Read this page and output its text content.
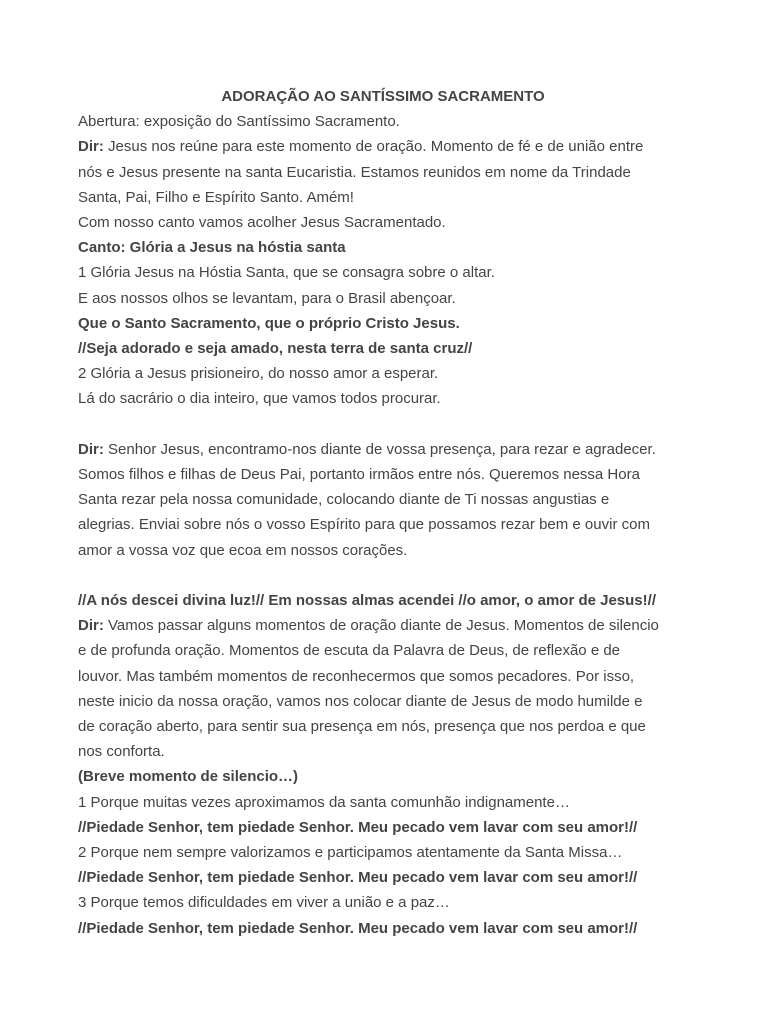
ADORAÇÃO AO SANTÍSSIMO SACRAMENTO
Abertura: exposição do Santíssimo Sacramento.
Dir: Jesus nos reúne para este momento de oração. Momento de fé e de união entre
nós e Jesus presente na santa Eucaristia. Estamos reunidos em nome da Trindade
Santa, Pai, Filho e Espírito Santo. Amém!
Com nosso canto vamos acolher Jesus Sacramentado.
Canto: Glória a Jesus na hóstia santa
1 Glória Jesus na Hóstia Santa, que se consagra sobre o altar.
E aos nossos olhos se levantam, para o Brasil abençoar.
Que o Santo Sacramento, que o próprio Cristo Jesus.
//Seja adorado e seja amado, nesta terra de santa cruz//
2 Glória a Jesus prisioneiro, do nosso amor a esperar.
Lá do sacrário o dia inteiro, que vamos todos procurar.
Dir: Senhor Jesus, encontramo-nos diante de vossa presença, para rezar e agradecer.
Somos filhos e filhas de Deus Pai, portanto irmãos entre nós. Queremos nessa Hora
Santa rezar pela nossa comunidade, colocando diante de Ti nossas angustias e
alegrias. Enviai sobre nós o vosso Espírito para que possamos rezar bem e ouvir com
amor a vossa voz que ecoa em nossos corações.
//A nós descei divina luz!// Em nossas almas acendei //o amor, o amor de Jesus!//
Dir: Vamos passar alguns momentos de oração diante de Jesus. Momentos de silencio
e de profunda oração. Momentos de escuta da Palavra de Deus, de reflexão e de
louvor. Mas também momentos de reconhecermos que somos pecadores. Por isso,
neste inicio da nossa oração, vamos nos colocar diante de Jesus de modo humilde e
de coração aberto, para sentir sua presença em nós, presença que nos perdoa e que
nos conforta.
(Breve momento de silencio…)
1 Porque muitas vezes aproximamos da santa comunhão indignamente…
//Piedade Senhor, tem piedade Senhor. Meu pecado vem lavar com seu amor!//
2 Porque nem sempre valorizamos e participamos atentamente da Santa Missa…
//Piedade Senhor, tem piedade Senhor. Meu pecado vem lavar com seu amor!//
3 Porque temos dificuldades em viver a união e a paz…
//Piedade Senhor, tem piedade Senhor. Meu pecado vem lavar com seu amor!//
